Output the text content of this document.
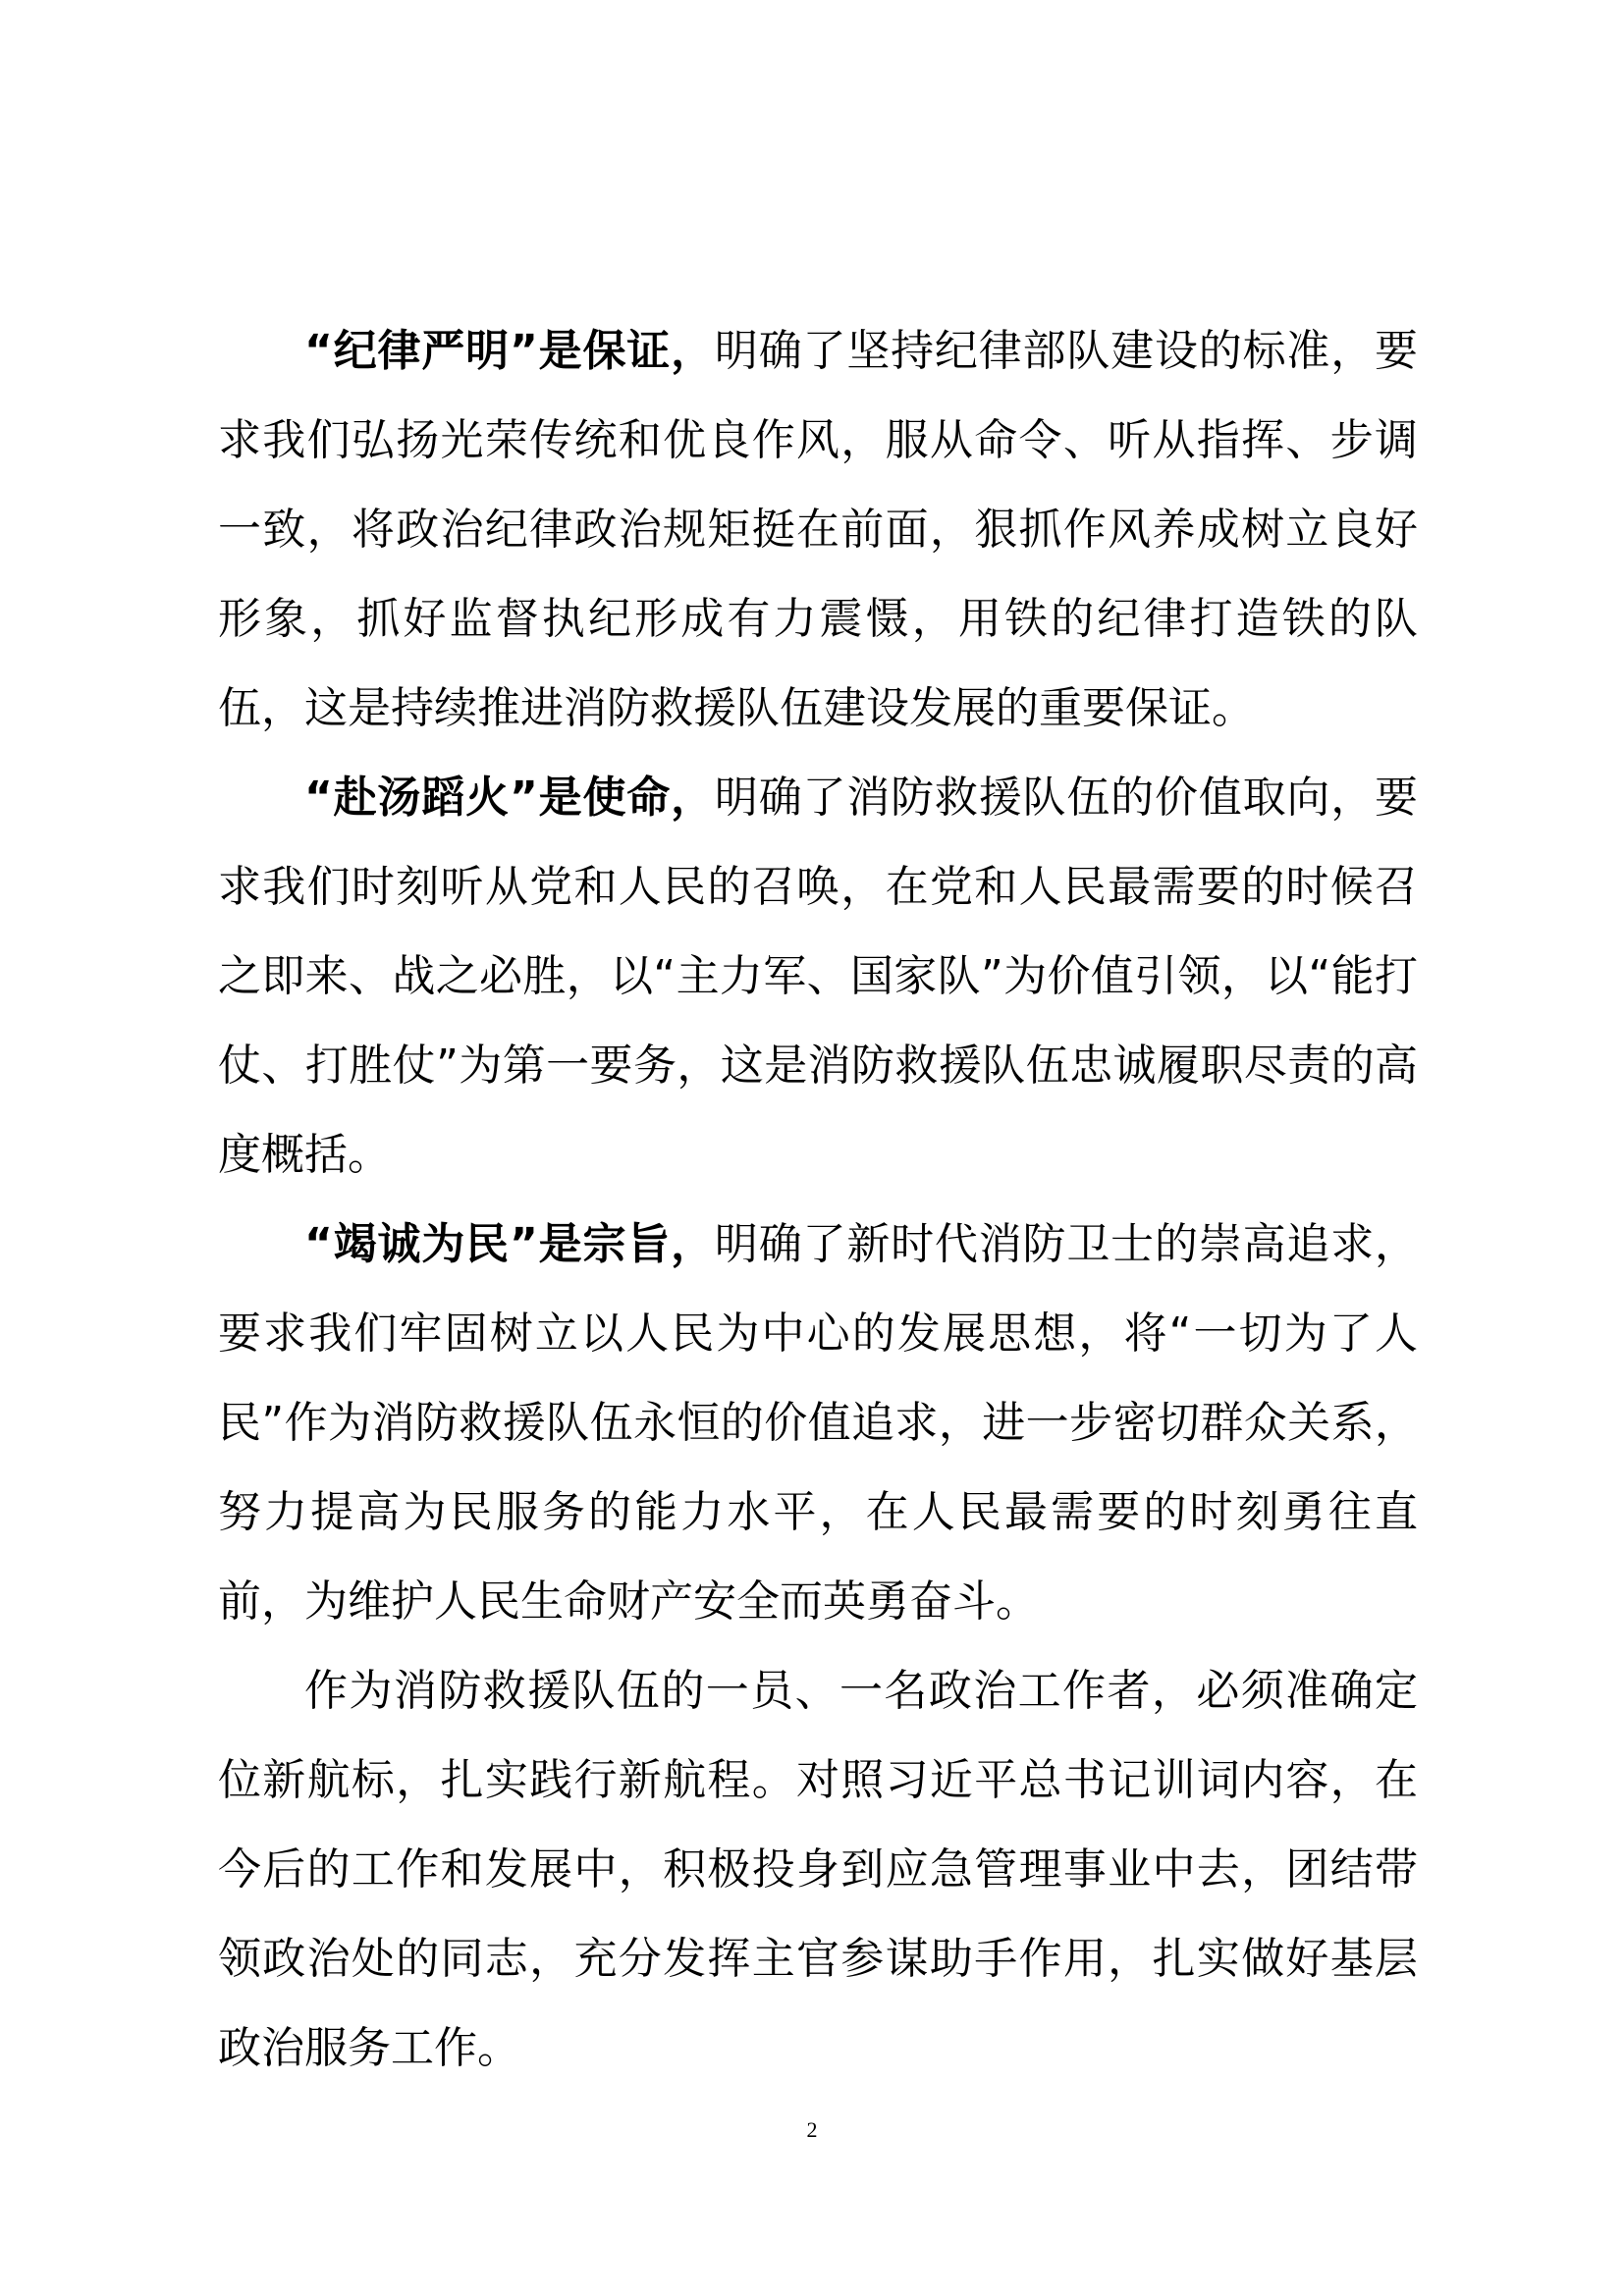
“纪律严明”是保证，明确了坚持纪律部队建设的标准，要求我们弘扬光荣传统和优良作风，服从命令、听从指挥、步调一致，将政治纪律政治规矩挺在前面，狠抓作风养成树立良好形象，抓好监督执纪形成有力震慑，用铁的纪律打造铁的队伍，这是持续推进消防救援队伍建设发展的重要保证。

“赴汤蹈火”是使命，明确了消防救援队伍的价值取向，要求我们时刻听从党和人民的召唤，在党和人民最需要的时候召之即来、战之必胜，以“主力军、国家队”为价值引领，以“能打仗、打胜仗”为第一要务，这是消防救援队伍忠诚履职尽责的高度概括。

“竭诚为民”是宗旨，明确了新时代消防卫士的崇高追求，要求我们牢固树立以人民为中心的发展思想，将“一切为了人民”作为消防救援队伍永恒的价值追求，进一步密切群众关系，努力提高为民服务的能力水平，在人民最需要的时刻勇往直前，为维护人民生命财产安全而英勇奋斗。

作为消防救援队伍的一员、一名政治工作者，必须准确定位新航标，扎实践行新航程。对照习近平总书记训词内容，在今后的工作和发展中，积极投身到应急管理事业中去，团结带领政治处的同志，充分发挥主官参谋助手作用，扎实做好基层政治服务工作。

2
